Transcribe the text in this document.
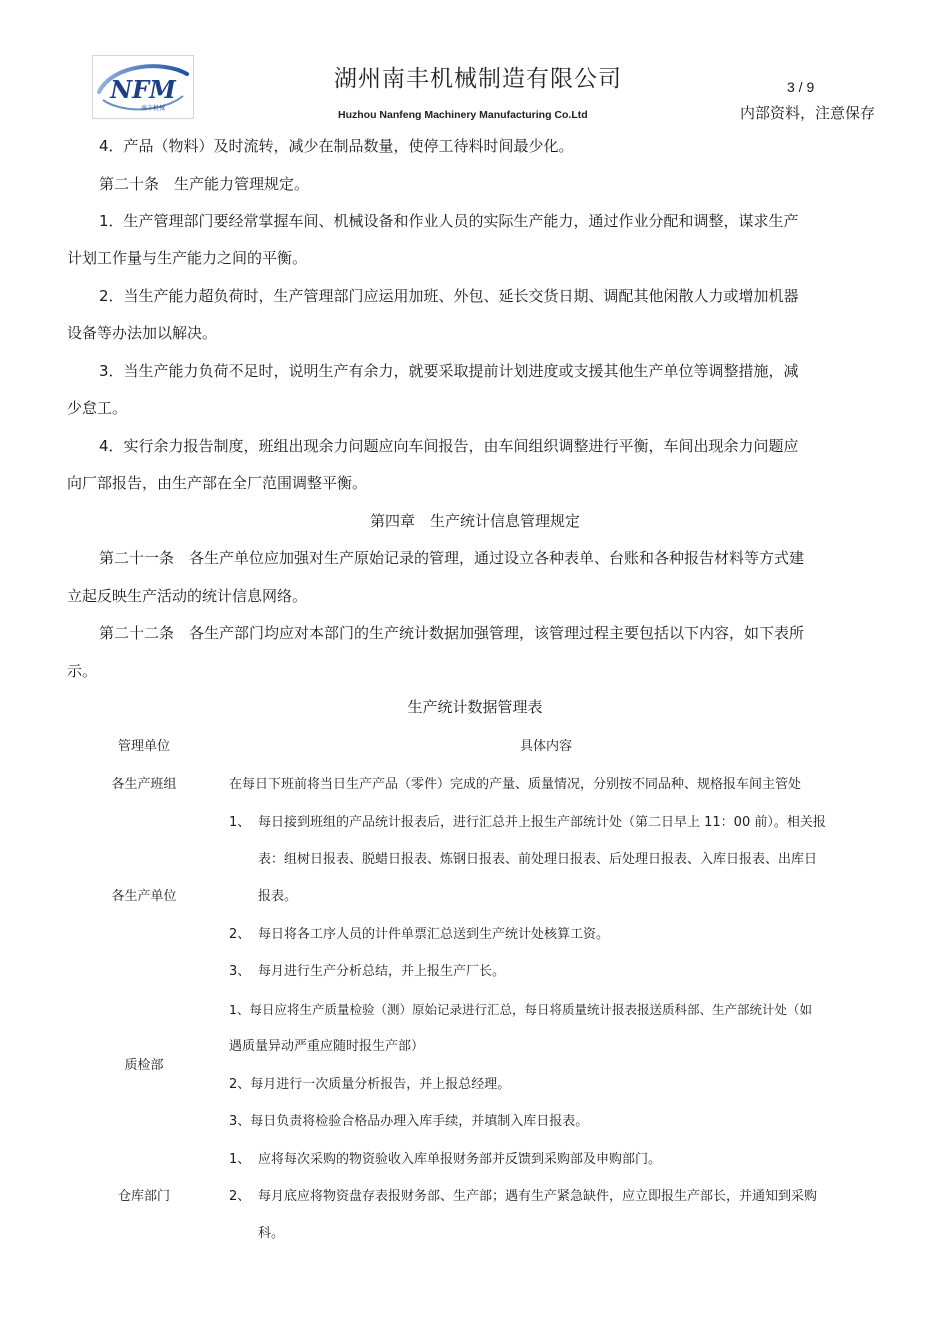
NFM
南丰机械
湖州南丰机械制造有限公司
Huzhou Nanfeng Machinery Manufacturing Co.Ltd
3 / 9
内部资料，注意保存
4．产品（物料）及时流转，减少在制品数量，使停工待料时间最少化。
第二十条　生产能力管理规定。
1．生产管理部门要经常掌握车间、机械设备和作业人员的实际生产能力，通过作业分配和调整，谋求生产
计划工作量与生产能力之间的平衡。
2．当生产能力超负荷时，生产管理部门应运用加班、外包、延长交货日期、调配其他闲散人力或增加机器
设备等办法加以解决。
3．当生产能力负荷不足时，说明生产有余力，就要采取提前计划进度或支援其他生产单位等调整措施，减
少怠工。
4．实行余力报告制度，班组出现余力问题应向车间报告，由车间组织调整进行平衡，车间出现余力问题应
向厂部报告，由生产部在全厂范围调整平衡。
第四章　生产统计信息管理规定
第二十一条　各生产单位应加强对生产原始记录的管理，通过设立各种表单、台账和各种报告材料等方式建
立起反映生产活动的统计信息网络。
第二十二条　各生产部门均应对本部门的生产统计数据加强管理，该管理过程主要包括以下内容，如下表所
示。
生产统计数据管理表
管理单位	具体内容
各生产班组	在每日下班前将当日生产产品（零件）完成的产量、质量情况，分别按不同品种、规格报车间主管处
各生产单位
1、 每日接到班组的产品统计报表后，进行汇总并上报生产部统计处（第二日早上 11：00 前）。相关报
表：组树日报表、脱蜡日报表、炼钢日报表、前处理日报表、后处理日报表、入库日报表、出库日
报表。
2、 每日将各工序人员的计件单票汇总送到生产统计处核算工资。
3、 每月进行生产分析总结，并上报生产厂长。
质检部
1、每日应将生产质量检验（测）原始记录进行汇总，每日将质量统计报表报送质科部、生产部统计处（如
遇质量异动严重应随时报生产部）
2、每月进行一次质量分析报告，并上报总经理。
3、每日负责将检验合格品办理入库手续，并填制入库日报表。
仓库部门
1、 应将每次采购的物资验收入库单报财务部并反馈到采购部及申购部门。
2、 每月底应将物资盘存表报财务部、生产部；遇有生产紧急缺件，应立即报生产部长，并通知到采购
科。
